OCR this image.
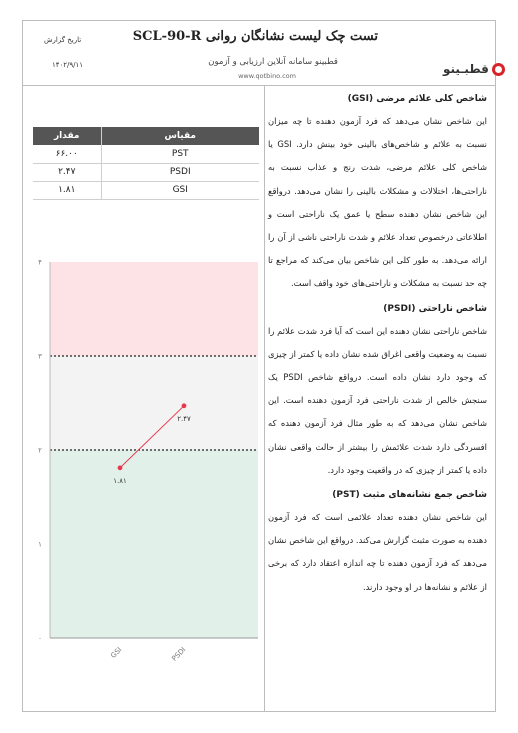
تست چک لیست نشانگان روانی SCL-90-R
قطبینو سامانه آنلاین ارزیابی و آزمون
www.qotbino.com	قطبـینو
تاریخ گزارش
۱۴۰۲/۹/۱۱
شاخص کلی علائم مرضی (GSI)
این شاخص نشان می‌دهد که فرد آزمون دهنده تا چه میزان نسبت به علائم و شاخص‌های بالینی خود بینش دارد. GSI یا شاخص کلی علائم مرضی، شدت رنج و عذاب نسبت به ناراحتی‌ها، اختلالات و مشکلات بالینی را نشان می‌دهد. درواقع این شاخص نشان دهنده سطح یا عمق یک ناراحتی است و اطلاعاتی درخصوص تعداد علائم و شدت ناراحتی ناشی از آن را ارائه می‌دهد. به طور کلی این شاخص بیان می‌کند که مراجع تا چه حد نسبت به مشکلات و ناراحتی‌های خود واقف است.
شاخص ناراحتی (PSDI)
شاخص ناراحتی نشان دهنده این است که آیا فرد شدت علائم را نسبت به وضعیت واقعی اغراق شده نشان داده یا کمتر از چیزی که وجود دارد نشان داده است. درواقع شاخص PSDI یک سنجش خالص از شدت ناراحتی فرد آزمون دهنده است. این شاخص نشان می‌دهد که به طور مثال فرد آزمون دهنده که افسردگی دارد شدت علائمش را بیشتر از حالت واقعی نشان داده یا کمتر از چیزی که در واقعیت وجود دارد.
شاخص جمع نشانه‌های مثبت (PST)
این شاخص نشان دهنده تعداد علائمی است که فرد آزمون دهنده به صورت مثبت گزارش می‌کند. درواقع این شاخص نشان می‌دهد که فرد آزمون دهنده تا چه اندازه اعتقاد دارد که برخی از علائم و نشانه‌ها در او وجود دارند.
مقیاس	مقدار
PST	۶۶.۰۰
PSDI	۲.۴۷
GSI	۱.۸۱
۰
۱
۲
۳
۴
۱.۸۱
GSI
۲.۴۷
PSDI
